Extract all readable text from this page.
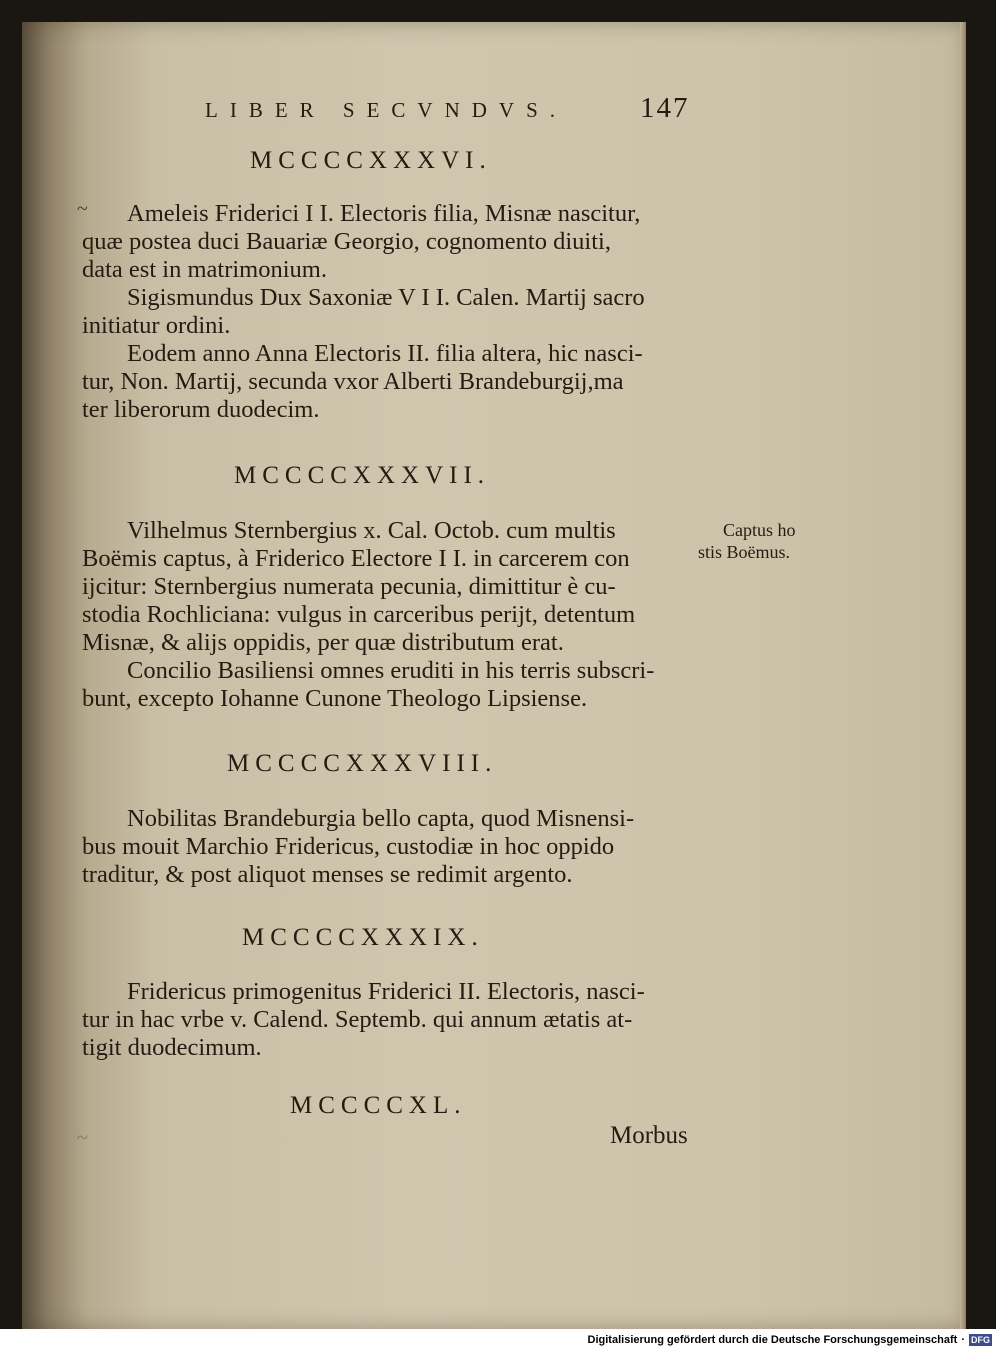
LIBER SECVNDVS.	147
MCCCCXXXVI.
~ Ameleis Friderici I I. Electoris filia, Misnæ nascitur,
quæ postea duci Bauariæ Georgio, cognomento diuiti,
data est in matrimonium.
Sigismundus Dux Saxoniæ V I I. Calen. Martij sacro
initiatur ordini.
Eodem anno Anna Electoris II. filia altera, hic nasci-
tur, Non. Martij, secunda vxor Alberti Brandeburgij,ma
ter liberorum duodecim.
MCCCCXXXVII.
Vilhelmus Sternbergius x. Cal. Octob. cum multis
Boëmis captus, à Friderico Electore I I. in carcerem con
ijcitur: Sternbergius numerata pecunia, dimittitur è cu-
stodia Rochliciana: vulgus in carceribus perijt, detentum
Misnæ, & alijs oppidis, per quæ distributum erat.
Concilio Basiliensi omnes eruditi in his terris subscri-
bunt, excepto Iohanne Cunone Theologo Lipsiense.
Captus ho
stis Boëmus.
MCCCCXXXVIII.
Nobilitas Brandeburgia bello capta, quod Misnensi-
bus mouit Marchio Fridericus, custodiæ in hoc oppido
traditur, & post aliquot menses se redimit argento.
MCCCCXXXIX.
Fridericus primogenitus Friderici II. Electoris, nasci-
tur in hac vrbe v. Calend. Septemb. qui annum ætatis at-
tigit duodecimum.
MCCCCXL.
~	Morbus
Digitalisierung gefördert durch die Deutsche Forschungsgemeinschaft · DFG
